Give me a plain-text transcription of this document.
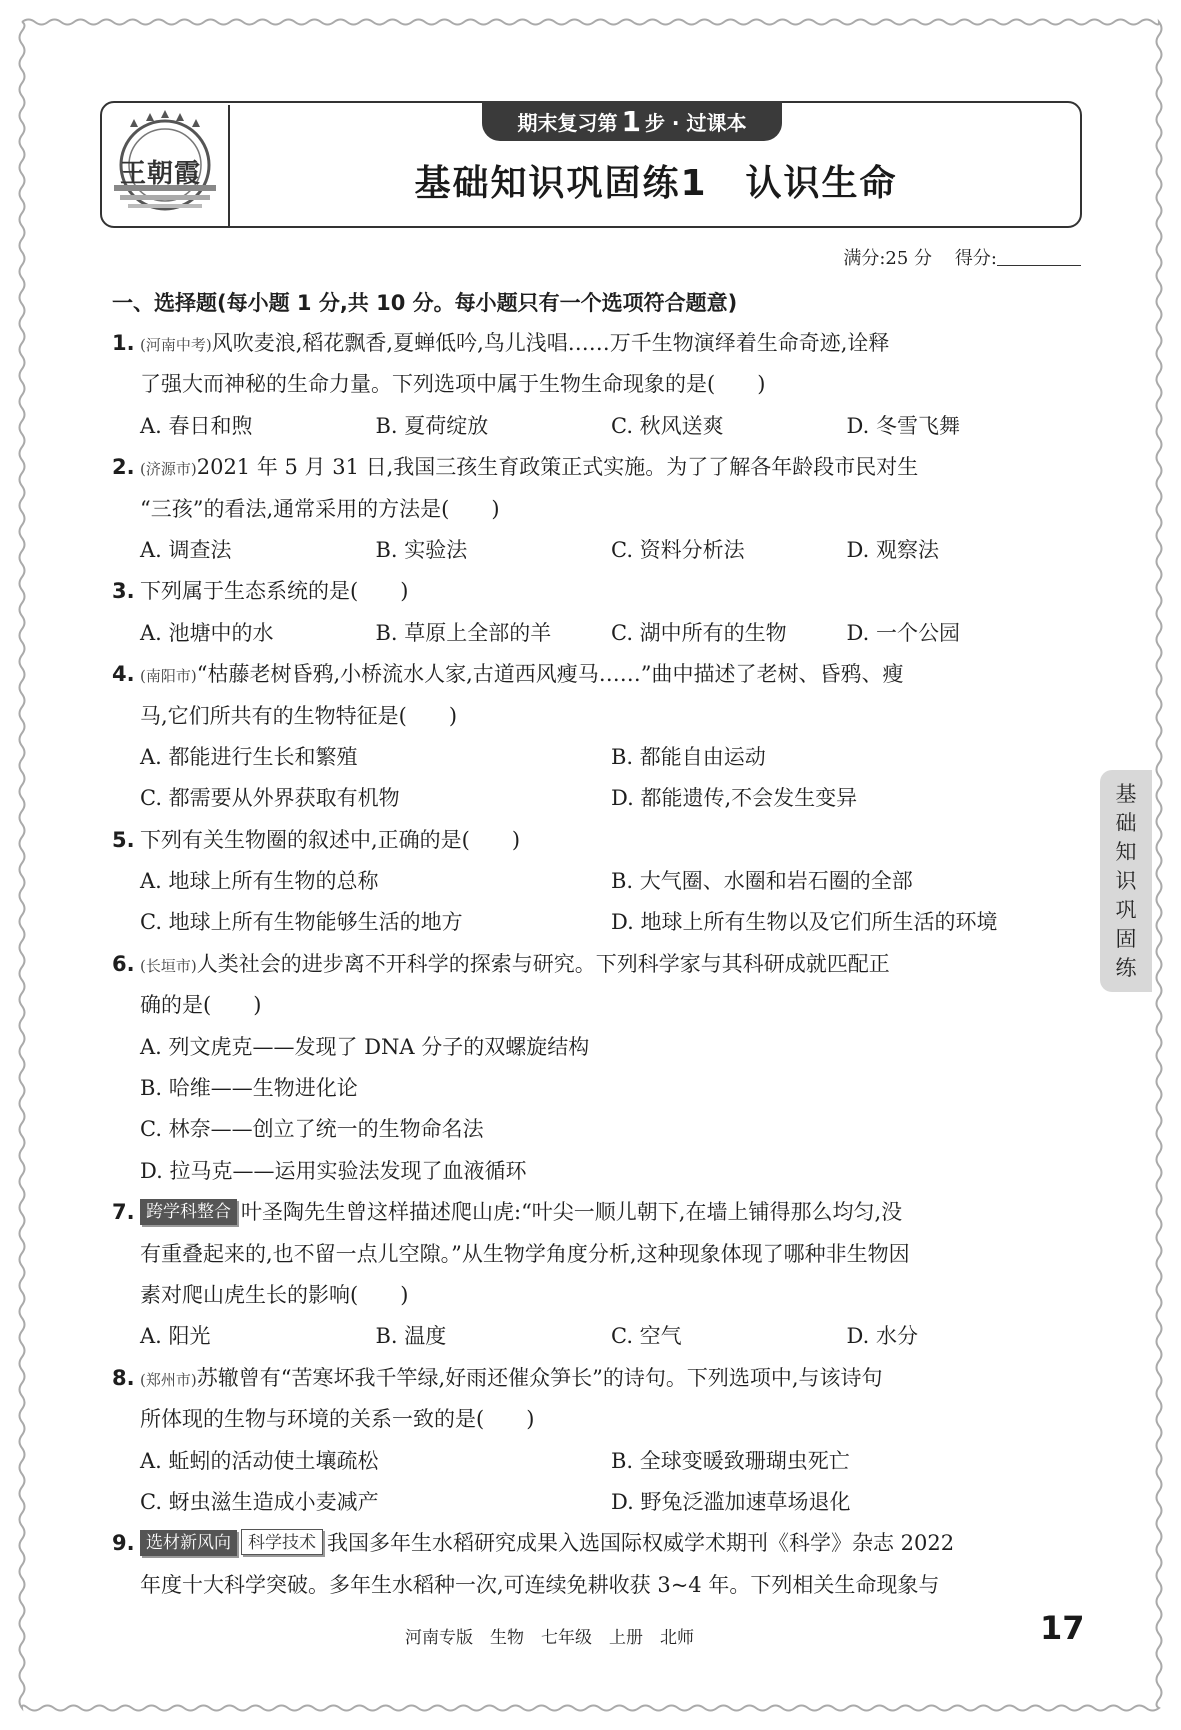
王朝霞
期末复习第 1 步 · 过课本
基础知识巩固练1　认识生命
满分:25 分 得分:
一、选择题(每小题 1 分,共 10 分。每小题只有一个选项符合题意)
1. (河南中考)风吹麦浪,稻花飘香,夏蝉低吟,鸟儿浅唱……万千生物演绎着生命奇迹,诠释
了强大而神秘的生命力量。下列选项中属于生物生命现象的是(　　)
A. 春日和煦	B. 夏荷绽放	C. 秋风送爽	D. 冬雪飞舞
2. (济源市)2021 年 5 月 31 日,我国三孩生育政策正式实施。为了了解各年龄段市民对生
“三孩”的看法,通常采用的方法是(　　)
A. 调查法	B. 实验法	C. 资料分析法	D. 观察法
3. 下列属于生态系统的是(　　)
A. 池塘中的水	B. 草原上全部的羊	C. 湖中所有的生物	D. 一个公园
4. (南阳市)“枯藤老树昏鸦,小桥流水人家,古道西风瘦马……”曲中描述了老树、昏鸦、瘦
马,它们所共有的生物特征是(　　)
A. 都能进行生长和繁殖	B. 都能自由运动
C. 都需要从外界获取有机物	D. 都能遗传,不会发生变异
5. 下列有关生物圈的叙述中,正确的是(　　)
A. 地球上所有生物的总称	B. 大气圈、水圈和岩石圈的全部
C. 地球上所有生物能够生活的地方	D. 地球上所有生物以及它们所生活的环境
6. (长垣市)人类社会的进步离不开科学的探索与研究。下列科学家与其科研成就匹配正
确的是(　　)
A. 列文虎克——发现了 DNA 分子的双螺旋结构
B. 哈维——生物进化论
C. 林奈——创立了统一的生物命名法
D. 拉马克——运用实验法发现了血液循环
7. 跨学科整合 叶圣陶先生曾这样描述爬山虎:“叶尖一顺儿朝下,在墙上铺得那么均匀,没
有重叠起来的,也不留一点儿空隙。”从生物学角度分析,这种现象体现了哪种非生物因
素对爬山虎生长的影响(　　)
A. 阳光	B. 温度	C. 空气	D. 水分
8. (郑州市)苏辙曾有“苦寒坏我千竿绿,好雨还催众笋长”的诗句。下列选项中,与该诗句
所体现的生物与环境的关系一致的是(　　)
A. 蚯蚓的活动使土壤疏松	B. 全球变暖致珊瑚虫死亡
C. 蚜虫滋生造成小麦减产	D. 野兔泛滥加速草场退化
9. 选材新风向 科学技术 我国多年生水稻研究成果入选国际权威学术期刊《科学》杂志 2022
年度十大科学突破。多年生水稻种一次,可连续免耕收获 3~4 年。下列相关生命现象与
基
础
知
识
巩
固
练
河南专版　生物　七年级　上册　北师	17
